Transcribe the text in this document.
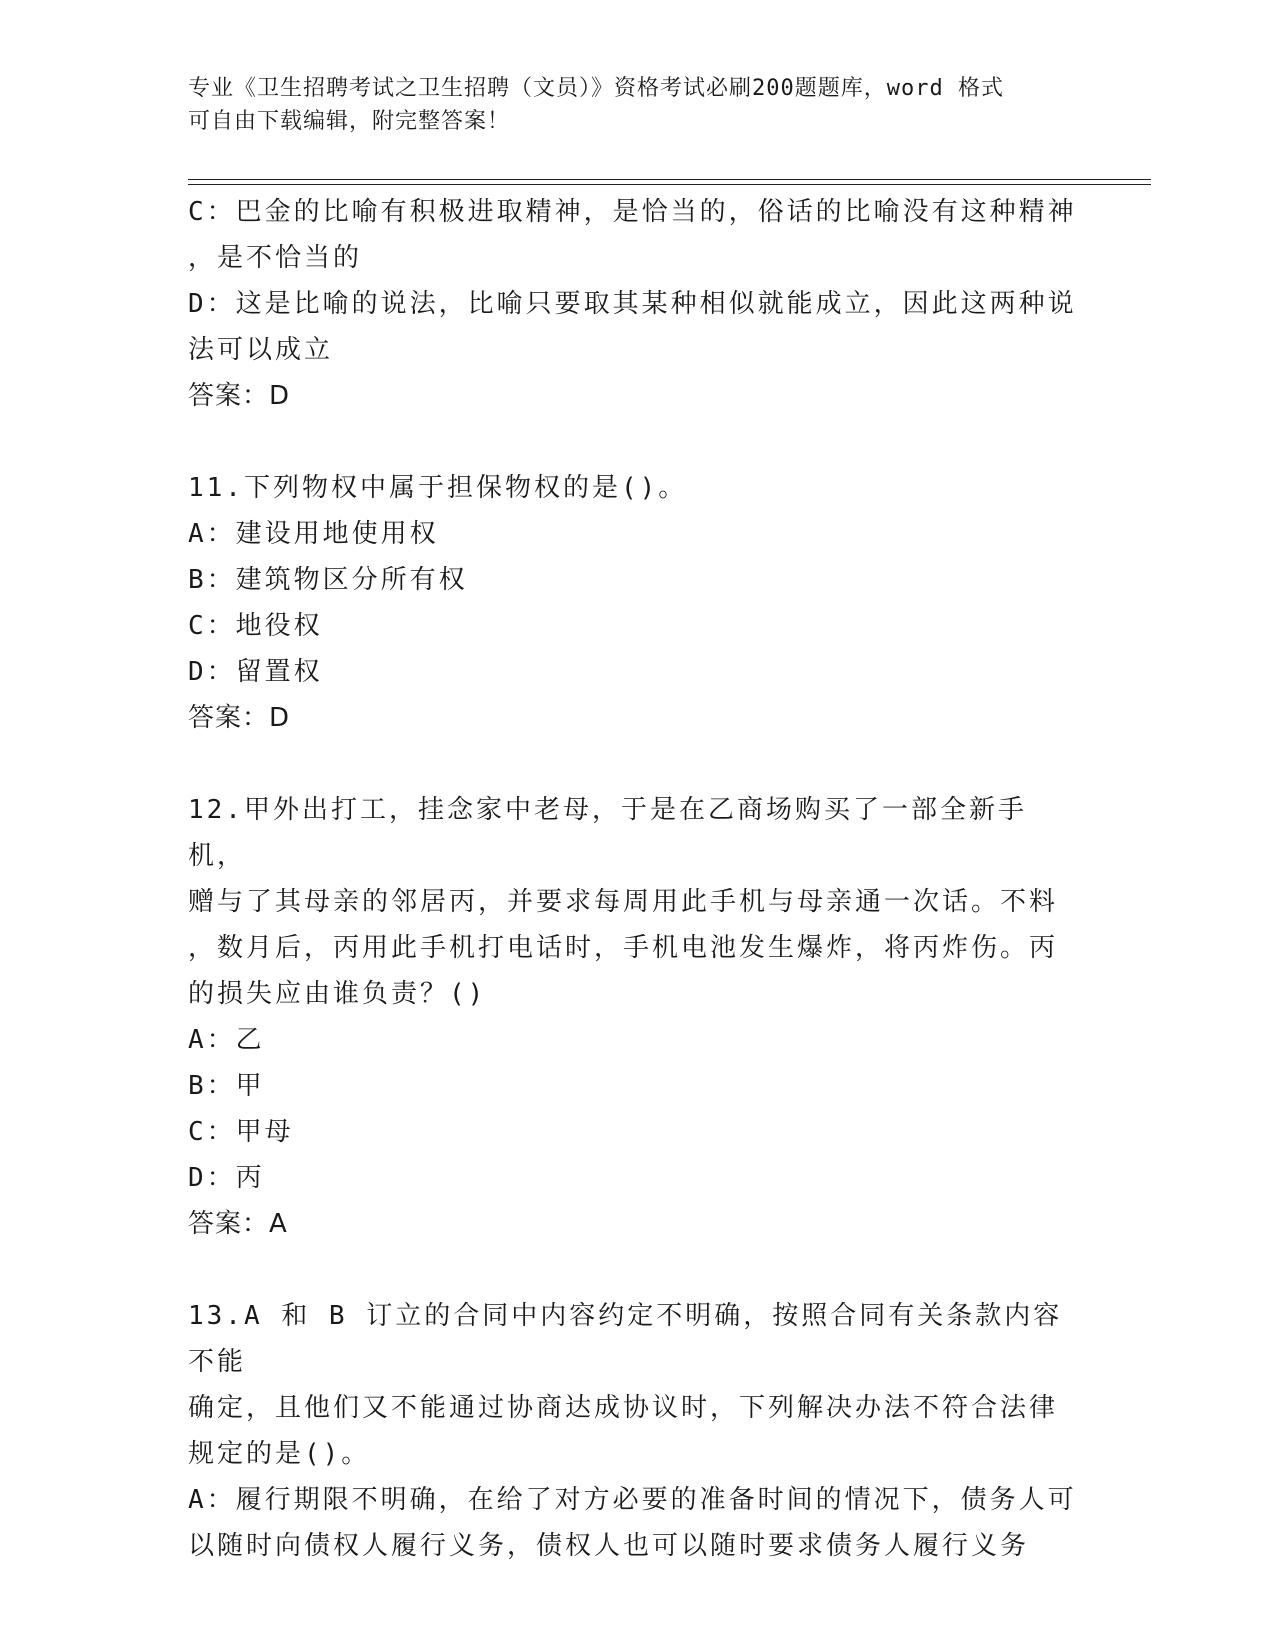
专业《卫生招聘考试之卫生招聘（文员）》资格考试必刷200题题库，word 格式
可自由下载编辑，附完整答案！
C：巴金的比喻有积极进取精神，是恰当的，俗话的比喻没有这种精神
，是不恰当的
D：这是比喻的说法，比喻只要取其某种相似就能成立，因此这两种说
法可以成立
答案：D
11.下列物权中属于担保物权的是()。
A：建设用地使用权
B：建筑物区分所有权
C：地役权
D：留置权
答案：D
12.甲外出打工，挂念家中老母，于是在乙商场购买了一部全新手机，
赠与了其母亲的邻居丙，并要求每周用此手机与母亲通一次话。不料
，数月后，丙用此手机打电话时，手机电池发生爆炸，将丙炸伤。丙
的损失应由谁负责？()
A：乙
B：甲
C：甲母
D：丙
答案：A
13.A 和 B 订立的合同中内容约定不明确，按照合同有关条款内容不能
确定，且他们又不能通过协商达成协议时，下列解决办法不符合法律
规定的是()。
A：履行期限不明确，在给了对方必要的准备时间的情况下，债务人可
以随时向债权人履行义务，债权人也可以随时要求债务人履行义务
